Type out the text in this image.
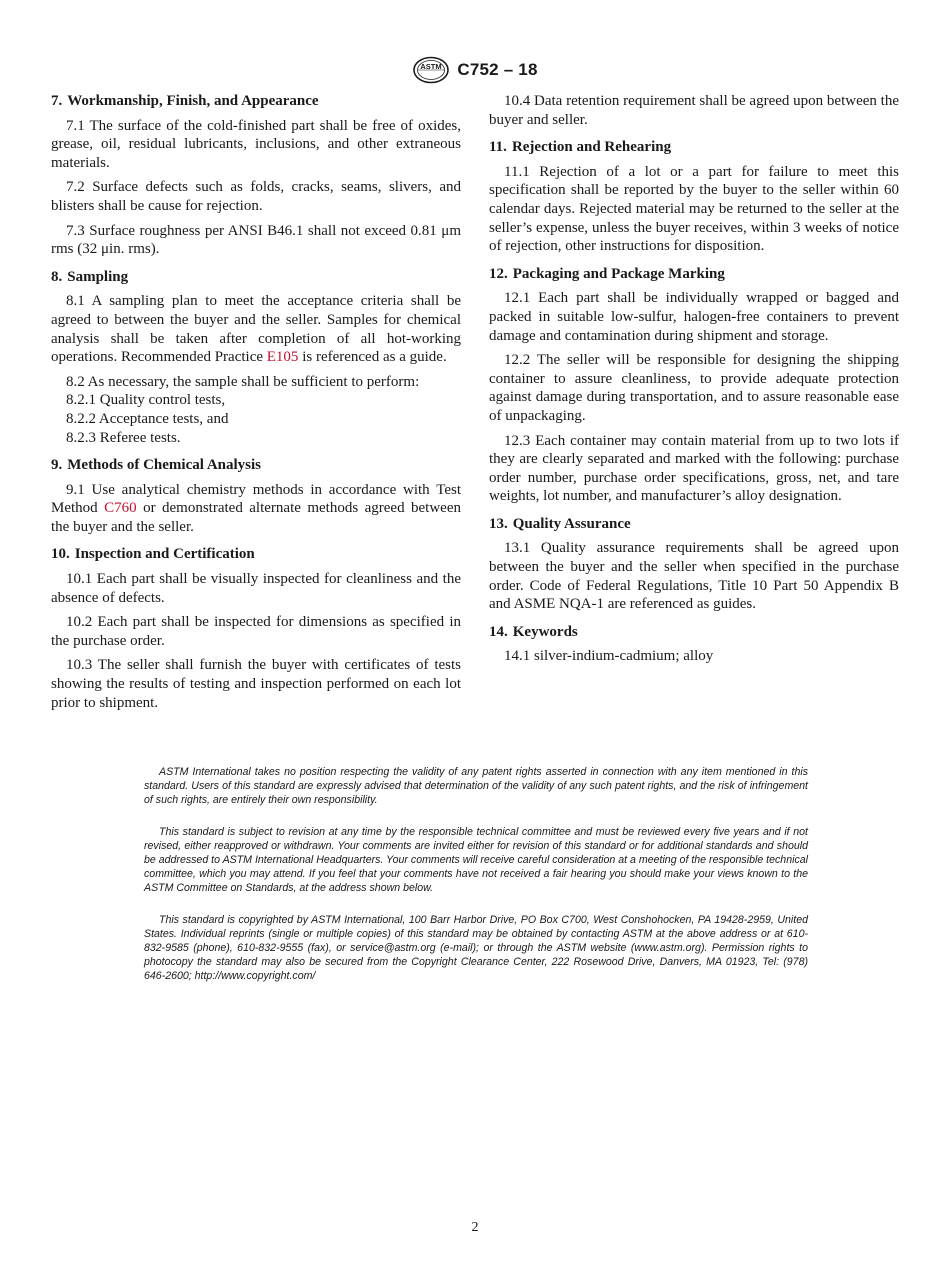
ASTM C752 – 18
7. Workmanship, Finish, and Appearance

7.1 The surface of the cold-finished part shall be free of oxides, grease, oil, residual lubricants, inclusions, and other extraneous materials.

7.2 Surface defects such as folds, cracks, seams, slivers, and blisters shall be cause for rejection.

7.3 Surface roughness per ANSI B46.1 shall not exceed 0.81 μm rms (32 μin. rms).

8. Sampling

8.1 A sampling plan to meet the acceptance criteria shall be agreed to between the buyer and the seller. Samples for chemical analysis shall be taken after completion of all hot-working operations. Recommended Practice E105 is referenced as a guide.

8.2 As necessary, the sample shall be sufficient to perform:

8.2.1 Quality control tests,

8.2.2 Acceptance tests, and

8.2.3 Referee tests.

9. Methods of Chemical Analysis

9.1 Use analytical chemistry methods in accordance with Test Method C760 or demonstrated alternate methods agreed between the buyer and the seller.

10. Inspection and Certification

10.1 Each part shall be visually inspected for cleanliness and the absence of defects.

10.2 Each part shall be inspected for dimensions as specified in the purchase order.

10.3 The seller shall furnish the buyer with certificates of tests showing the results of testing and inspection performed on each lot prior to shipment.

10.4 Data retention requirement shall be agreed upon between the buyer and seller.

11. Rejection and Rehearing

11.1 Rejection of a lot or a part for failure to meet this specification shall be reported by the buyer to the seller within 60 calendar days. Rejected material may be returned to the seller at the seller’s expense, unless the buyer receives, within 3 weeks of notice of rejection, other instructions for disposition.

12. Packaging and Package Marking

12.1 Each part shall be individually wrapped or bagged and packed in suitable low-sulfur, halogen-free containers to prevent damage and contamination during shipment and storage.

12.2 The seller will be responsible for designing the shipping container to assure cleanliness, to provide adequate protection against damage during transportation, and to assure reasonable ease of unpackaging.

12.3 Each container may contain material from up to two lots if they are clearly separated and marked with the following: purchase order number, purchase order specifications, gross, net, and tare weights, lot number, and manufacturer’s alloy designation.

13. Quality Assurance

13.1 Quality assurance requirements shall be agreed upon between the buyer and the seller when specified in the purchase order. Code of Federal Regulations, Title 10 Part 50 Appendix B and ASME NQA-1 are referenced as guides.

14. Keywords

14.1 silver-indium-cadmium; alloy

ASTM International takes no position respecting the validity of any patent rights asserted in connection with any item mentioned in this standard. Users of this standard are expressly advised that determination of the validity of any such patent rights, and the risk of infringement of such rights, are entirely their own responsibility.

This standard is subject to revision at any time by the responsible technical committee and must be reviewed every five years and if not revised, either reapproved or withdrawn. Your comments are invited either for revision of this standard or for additional standards and should be addressed to ASTM International Headquarters. Your comments will receive careful consideration at a meeting of the responsible technical committee, which you may attend. If you feel that your comments have not received a fair hearing you should make your views known to the ASTM Committee on Standards, at the address shown below.

This standard is copyrighted by ASTM International, 100 Barr Harbor Drive, PO Box C700, West Conshohocken, PA 19428-2959, United States. Individual reprints (single or multiple copies) of this standard may be obtained by contacting ASTM at the above address or at 610-832-9585 (phone), 610-832-9555 (fax), or service@astm.org (e-mail); or through the ASTM website (www.astm.org). Permission rights to photocopy the standard may also be secured from the Copyright Clearance Center, 222 Rosewood Drive, Danvers, MA 01923, Tel: (978) 646-2600; http://www.copyright.com/

2
